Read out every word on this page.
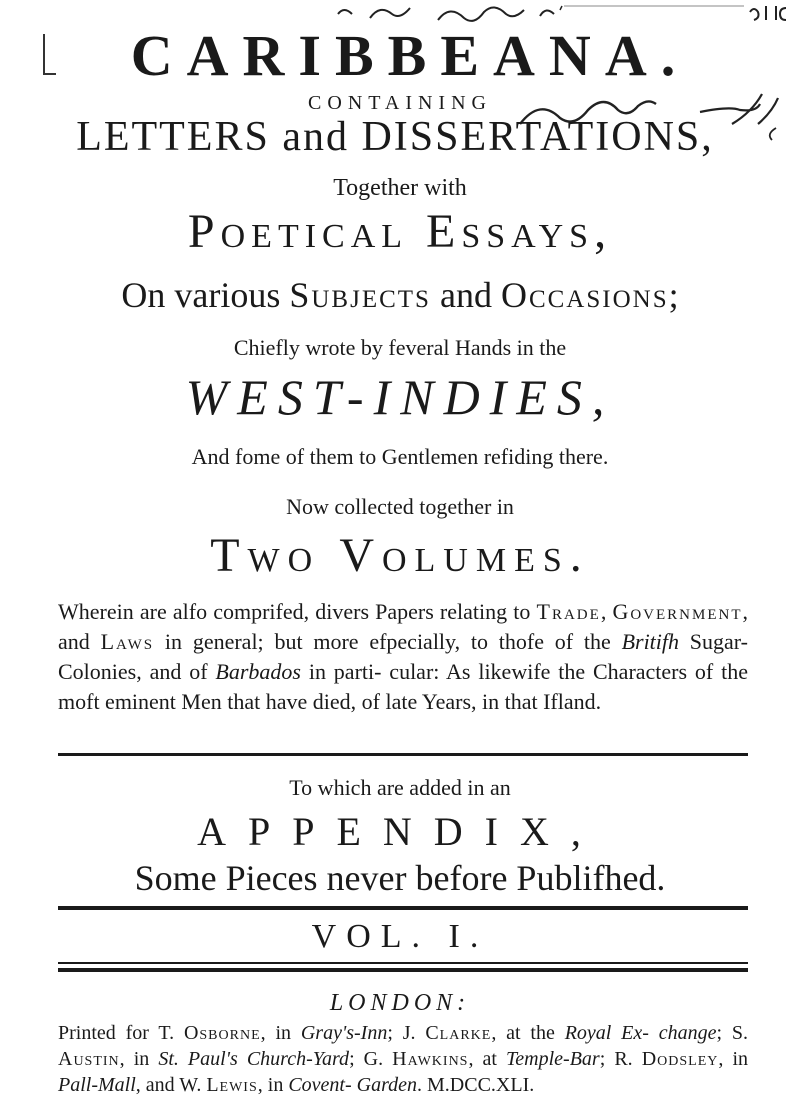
CARIBBEANA.
CONTAINING
LETTERS and DISSERTATIONS,
Together with
Poetical Essays,
On various Subjects and Occasions;
Chiefly wrote by feveral Hands in the
WEST-INDIES,
And fome of them to Gentlemen refiding there.
Now collected together in
Two Volumes.
Wherein are alfo comprifed, divers Papers relating to Trade, Government, and Laws in general; but more efpecially, to thofe of the Britifh Sugar-Colonies, and of Barbados in parti- cular: As likewife the Characters of the moft eminent Men that have died, of late Years, in that Ifland.
To which are added in an
APPENDIX,
Some Pieces never before Publifhed.
VOL. I.
LONDON:
Printed for T. Osborne, in Gray's-Inn; J. Clarke, at the Royal Ex- change; S. Austin, in St. Paul's Church-Yard; G. Hawkins, at Temple-Bar; R. Dodsley, in Pall-Mall, and W. Lewis, in Covent- Garden. M.DCC.XLI.
